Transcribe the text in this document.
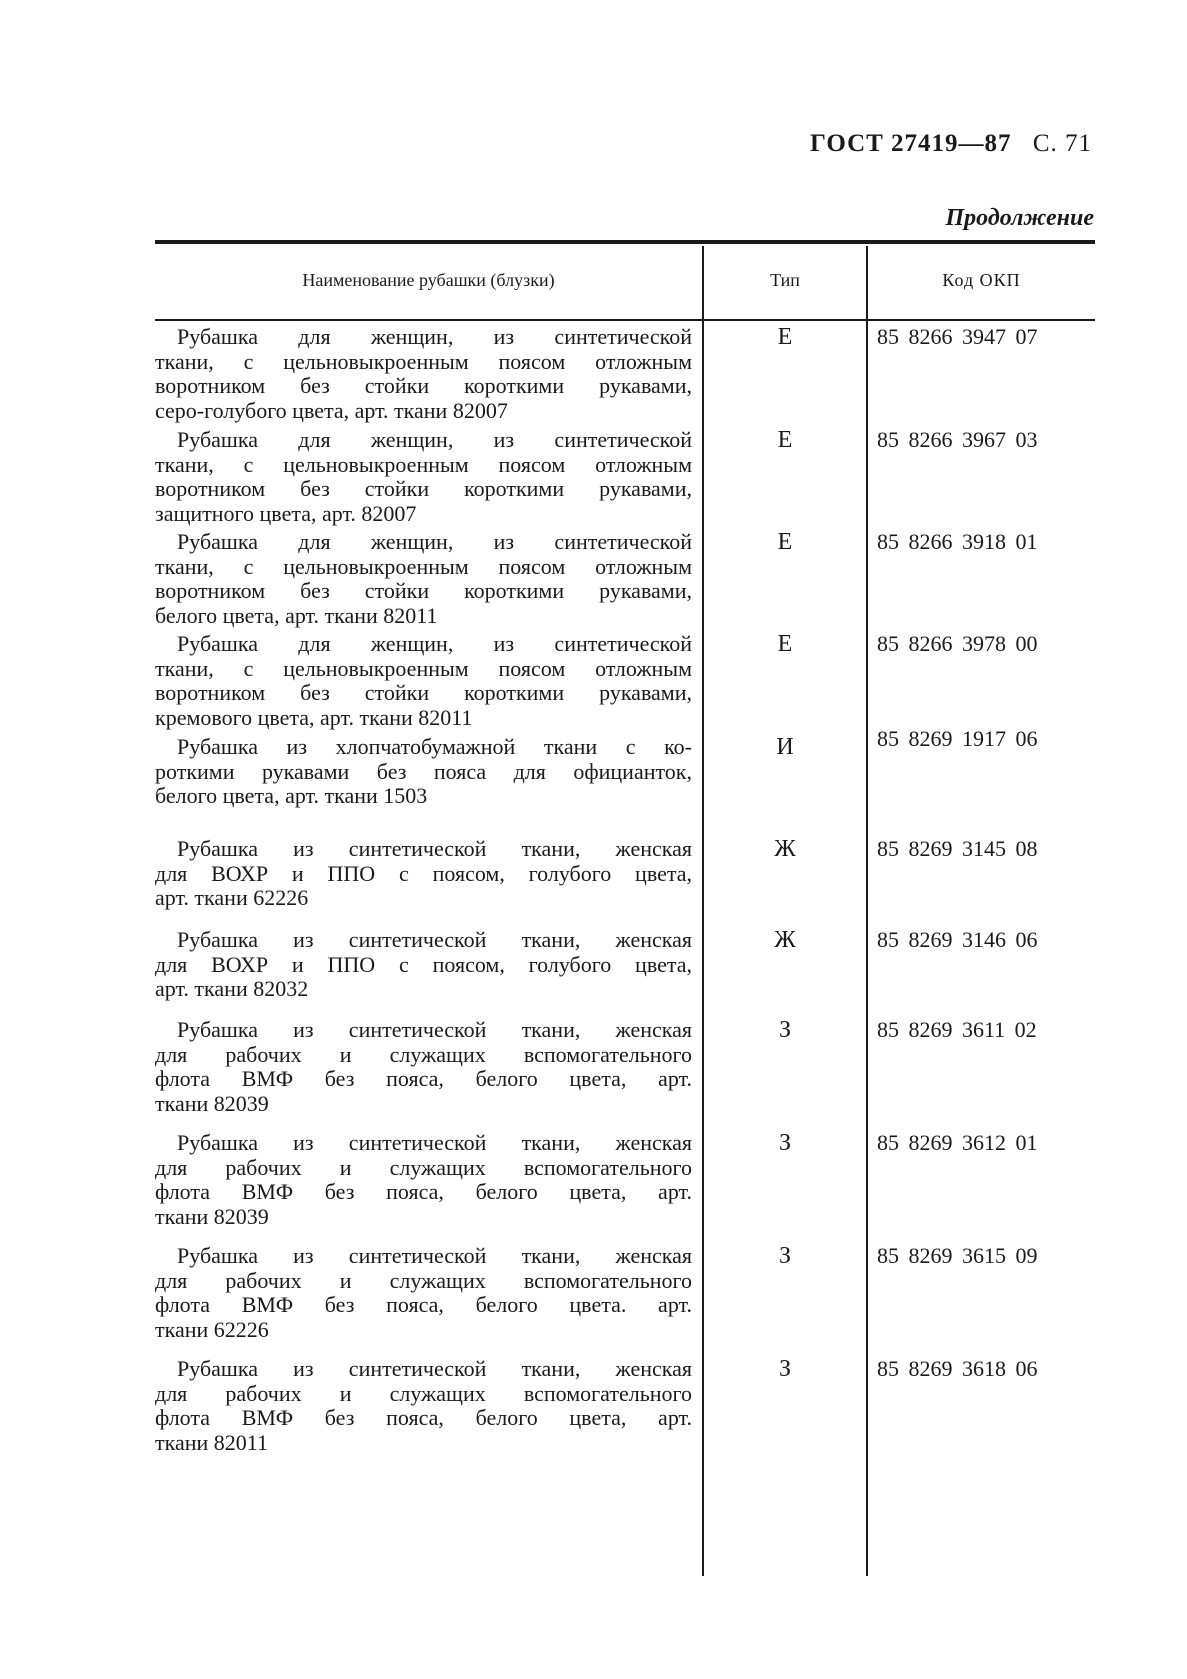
ГОСТ 27419—87 С. 71
Продолжение
Наименование рубашки (блузки)	Тип	Код ОКП
Рубашка для женщин, из синтетической
ткани, с цельновыкроенным поясом отложным
воротником без стойки короткими рукавами,
серо-голубого цвета, арт. ткани 82007
Е	85 8266 3947 07
Рубашка для женщин, из синтетической
ткани, с цельновыкроенным поясом отложным
воротником без стойки короткими рукавами,
защитного цвета, арт. 82007
Е	85 8266 3967 03
Рубашка для женщин, из синтетической
ткани, с цельновыкроенным поясом отложным
воротником без стойки короткими рукавами,
белого цвета, арт. ткани 82011
Е	85 8266 3918 01
Рубашка для женщин, из синтетической
ткани, с цельновыкроенным поясом отложным
воротником без стойки короткими рукавами,
кремового цвета, арт. ткани 82011
Е	85 8266 3978 00
Рубашка из хлопчатобумажной ткани с ко-
роткими рукавами без пояса для официанток,
белого цвета, арт. ткани 1503
И	85 8269 1917 06
Рубашка из синтетической ткани, женская
для ВОХР и ППО с поясом, голубого цвета,
арт. ткани 62226
Ж	85 8269 3145 08
Рубашка из синтетической ткани, женская
для ВОХР и ППО с поясом, голубого цвета,
арт. ткани 82032
Ж	85 8269 3146 06
Рубашка из синтетической ткани, женская
для рабочих и служащих вспомогательного
флота ВМФ без пояса, белого цвета, арт.
ткани 82039
З	85 8269 3611 02
Рубашка из синтетической ткани, женская
для рабочих и служащих вспомогательного
флота ВМФ без пояса, белого цвета, арт.
ткани 82039
З	85 8269 3612 01
Рубашка из синтетической ткани, женская
для рабочих и служащих вспомогательного
флота ВМФ без пояса, белого цвета. арт.
ткани 62226
З	85 8269 3615 09
Рубашка из синтетической ткани, женская
для рабочих и служащих вспомогательного
флота ВМФ без пояса, белого цвета, арт.
ткани 82011
З	85 8269 3618 06
